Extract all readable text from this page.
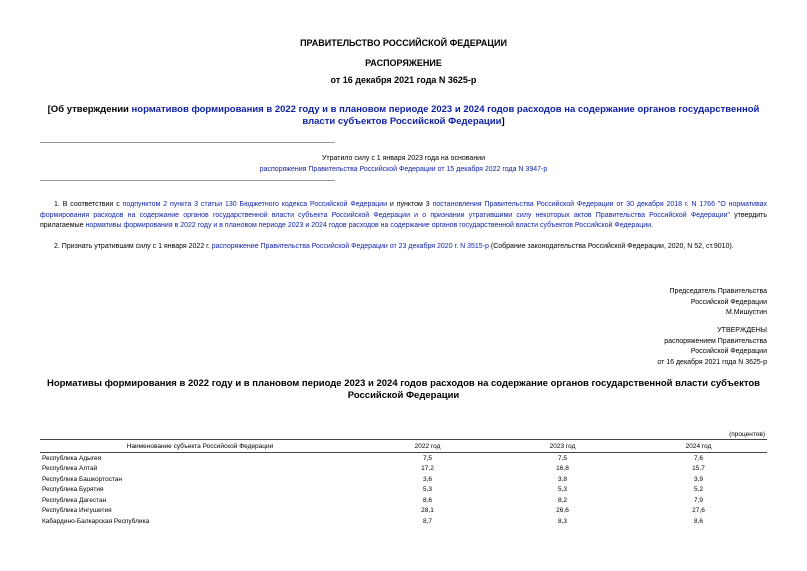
ПРАВИТЕЛЬСТВО РОССИЙСКОЙ ФЕДЕРАЦИИ
РАСПОРЯЖЕНИЕ
от 16 декабря 2021 года N 3625-р
[Об утверждении нормативов формирования в 2022 году и в плановом периоде 2023 и 2024 годов расходов на содержание органов государственной власти субъектов Российской Федерации]
Утратило силу с 1 января 2023 года на основании
распоряжения Правительства Российской Федерации от 15 декабря 2022 года N 3947-р
1. В соответствии с подпунктом 2 пункта 3 статьи 130 Бюджетного кодекса Российской Федерации и пунктом 3 постановления Правительства Российской Федерации от 30 декабря 2018 г. N 1766 "О нормативах формирования расходов на содержание органов государственной власти субъекта Российской Федерации и о признании утратившими силу некоторых актов Правительства Российской Федерации" утвердить прилагаемые нормативы формирования в 2022 году и в плановом периоде 2023 и 2024 годов расходов на содержание органов государственной власти субъектов Российской Федерации.
2. Признать утратившим силу с 1 января 2022 г. распоряжение Правительства Российской Федерации от 23 декабря 2020 г. N 3515-р (Собрание законодательства Российской Федерации, 2020, N 52, ст.9010).
Председатель Правительства
Российской Федерации
М.Мишустин
УТВЕРЖДЕНЫ
распоряжением Правительства
Российской Федерации
от 16 декабря 2021 года N 3625-р
Нормативы формирования в 2022 году и в плановом периоде 2023 и 2024 годов расходов на содержание органов государственной власти субъектов Российской Федерации
(процентов)
Наименование субъекта Российской Федерации	2022 год	2023 год	2024 год
Республика Адыгея	7,5	7,5	7,6
Республика Алтай	17,2	16,8	15,7
Республика Башкортостан	3,6	3,8	3,9
Республика Бурятия	5,3	5,3	5,2
Республика Дагестан	8,6	8,2	7,9
Республика Ингушетия	28,1	26,6	27,6
Кабардино-Балкарская Республика	8,7	8,3	8,6
